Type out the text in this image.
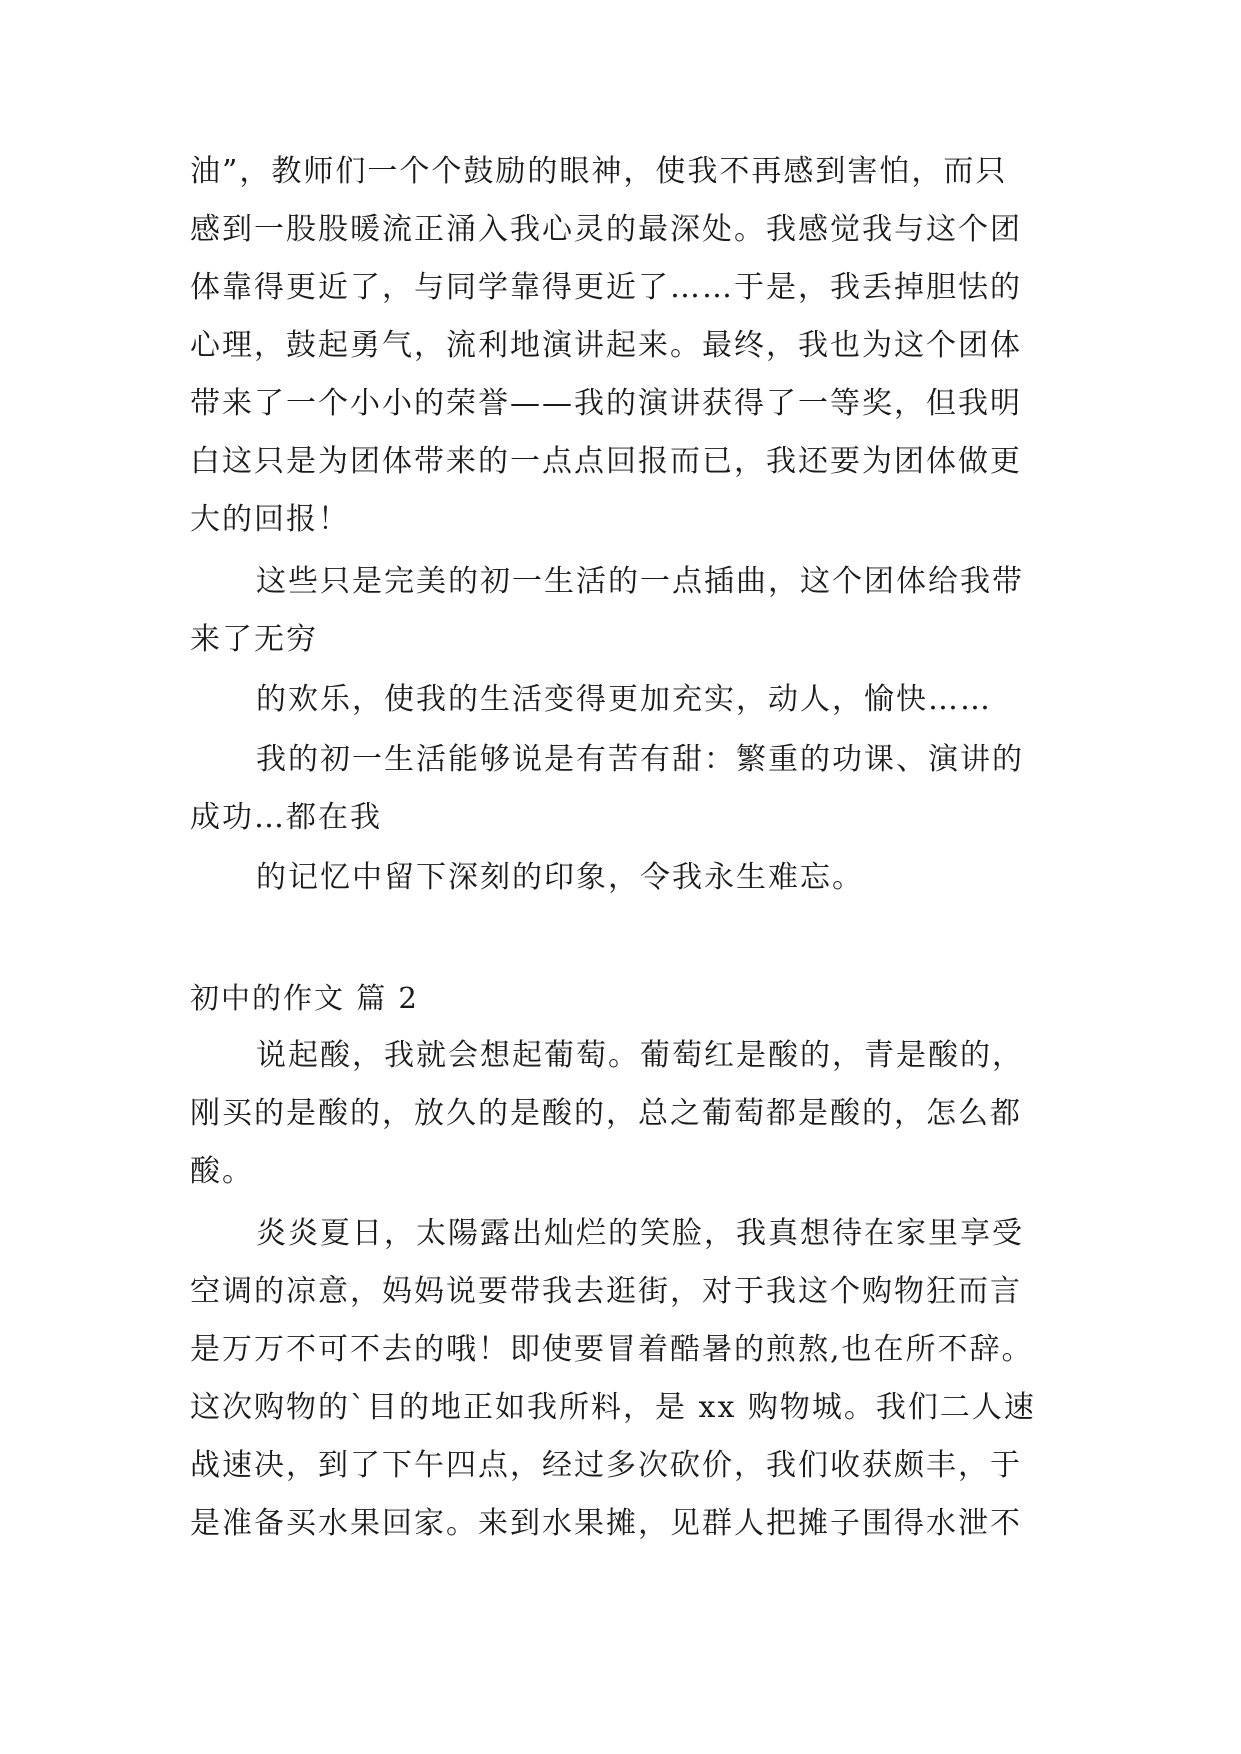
油”，教师们一个个鼓励的眼神，使我不再感到害怕，而只
感到一股股暖流正涌入我心灵的最深处。我感觉我与这个团
体靠得更近了，与同学靠得更近了……于是，我丢掉胆怯的
心理，鼓起勇气，流利地演讲起来。最终，我也为这个团体
带来了一个小小的荣誉——我的演讲获得了一等奖，但我明
白这只是为团体带来的一点点回报而已，我还要为团体做更
大的回报！
这些只是完美的初一生活的一点插曲，这个团体给我带
来了无穷
的欢乐，使我的生活变得更加充实，动人，愉快……
我的初一生活能够说是有苦有甜：繁重的功课、演讲的
成功…都在我
的记忆中留下深刻的印象，令我永生难忘。
初中的作文 篇 2
说起酸，我就会想起葡萄。葡萄红是酸的，青是酸的，
刚买的是酸的，放久的是酸的，总之葡萄都是酸的，怎么都
酸。
炎炎夏日，太陽露出灿烂的笑脸，我真想待在家里享受
空调的凉意，妈妈说要带我去逛街，对于我这个购物狂而言
是万万不可不去的哦！即使要冒着酷暑的煎熬,也在所不辞。
这次购物的`目的地正如我所料，是 xx 购物城。我们二人速
战速决，到了下午四点，经过多次砍价，我们收获颇丰，于
是准备买水果回家。来到水果摊，见群人把摊子围得水泄不
